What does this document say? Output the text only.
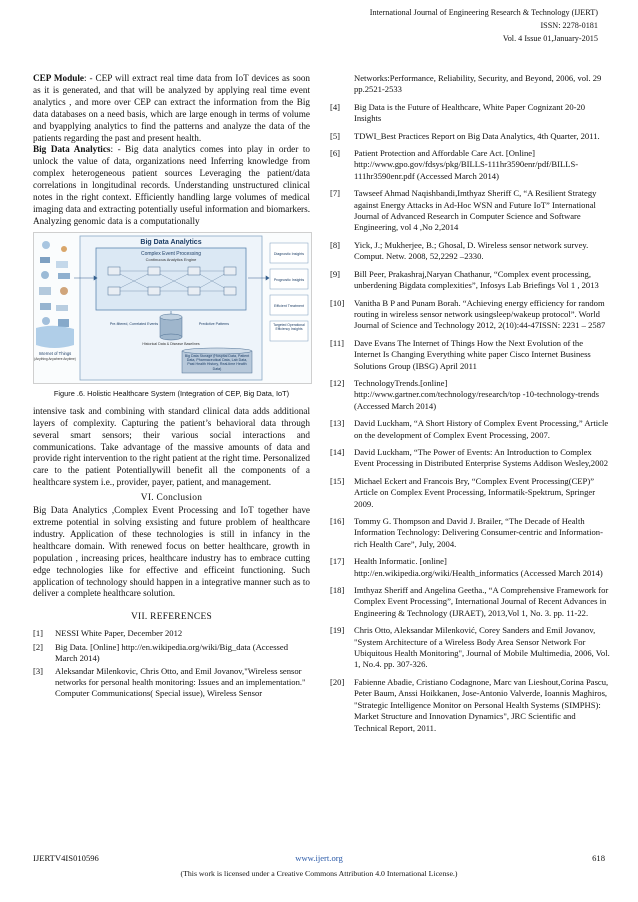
International Journal of Engineering Research & Technology (IJERT)
ISSN: 2278-0181
Vol. 4 Issue 01,January-2015

CEP Module: - CEP will extract real time data from IoT devices as soon as it is generated, and that will be analyzed by applying real time event analytics , and more over CEP can extract the information from the Big data databases on a need basis, which are large enough in terms of volume and byapplying analytics to find the patterns and analyze the data of the patients regarding the past and present health.

Big Data Analytics: - Big data analytics comes into play in order to unlock the value of data, organizations need Inferring knowledge from complex heterogeneous patient sources Leveraging the patient/data correlations in longitudinal records. Understanding unstructured clinical notes in the right context. Efficiently handling large volumes of medical imaging data and extracting potentially useful information and biomarkers. Analyzing genomic data is a computationally

Big Data Analytics
Complex Event Processing
Continuous Analytics Engine
Historical Data & Disease Baselines
Pre-filtered, Correlated Events	Predictive Patterns
Big Data Storage (Hospital Data, Patient Data, Pharmaceutical Data, Lab Data, Past Health History, Real-time Health Data)
Internet of Things
(Anything Anywhere Anytime)
Diagnostic Insights
Prognostic Insights
Efficient Treatment
Targeted Operational Efficiency Insights
Figure .6. Holistic Healthcare System (Integration of CEP, Big Data, IoT)

intensive task and combining with standard clinical data adds additional layers of complexity. Capturing the patient’s behavioral data through several smart sensors; their various social interactions and communications. Take advantage of the massive amounts of data and provide right intervention to the right patient at the right time. Personalized care to the patient Potentiallywill benefit all the components of a healthcare system i.e., provider, payer, patient, and management.

VI. Conclusion

Big Data Analytics ,Complex Event Processing and IoT together have extreme potential in solving exsisting and future problem of healthcare industry. Application of these technologies is still in infancy in the healthcare domain. With renewed focus on better healthcare, growth in population , increasing prices, healthcare industry has to embrace cutting edge technologies like for effective and efficeint functioning. Such application of technology should happen in a integrative manner such as to deliver a complete healthcare solution.

VII. REFERENCES
[1] NESSI White Paper, December 2012
[2] Big Data. [Online] http://en.wikipedia.org/wiki/Big_data (Accessed March 2014)
[3] Aleksandar Milenkovic, Chris Otto, and Emil Jovanov,"Wireless sensor networks for personal health monitoring: Issues and an implementation." Computer Communications( Special issue), Wireless Sensor
Networks:Performance, Reliability, Security, and Beyond, 2006, vol. 29 pp.2521-2533
[4] Big Data is the Future of Healthcare, White Paper Cognizant 20-20 Insights
[5] TDWI_Best Practices Report on Big Data Analytics, 4th Quarter, 2011.
[6] Patient Protection and Affordable Care Act. [Online] http://www.gpo.gov/fdsys/pkg/BILLS-111hr3590enr/pdf/BILLS-111hr3590enr.pdf (Accessed March 2014)
[7] Tawseef Ahmad Naqishbandi,Imthyaz Sheriff C, “A Resilient Strategy against Energy Attacks in Ad-Hoc WSN and Future IoT” International Journal of Advanced Research in Computer Science and Software Engineering, vol 4 ,No 2,2014
[8] Yick, J.; Mukherjee, B.; Ghosal, D. Wireless sensor network survey. Comput. Netw. 2008, 52,2292 –2330.
[9] Bill Peer, Prakashraj,Naryan Chathanur, “Complex event processing, unberdening Bigdata complexities”, Infosys Lab Briefings Vol 1 , 2013
[10] Vanitha B P and Punam Borah. “Achieving energy efficiency for random routing in wireless sensor network usingsleep/wakeup protocol”. World Journal of Science and Technology 2012, 2(10):44-47ISSN: 2231 – 2587
[11] Dave Evans The Internet of Things How the Next Evolution of the Internet Is Changing Everything white paper Cisco Internet Business Solutions Group (IBSG) April 2011
[12] TechnologyTrends.[online] http://www.gartner.com/technology/research/top -10-technology-trends (Accessed March 2014)
[13] David Luckham, “A Short History of Complex Event Processing,” Article on the development of Complex Event Processing, 2007.
[14] David Luckham, “The Power of Events: An Introduction to Complex Event Processing in Distributed Enterprise Systems Addison Wesley,2002
[15] Michael Eckert and Francois Bry, “Complex Event Processing(CEP)” Article on Complex Event Processing, Informatik-Spektrum, Springer 2009.
[16] Tommy G. Thompson and David J. Brailer, “The Decade of Health Information Technology: Delivering Consumer-centric and Information-rich Health Care”, July, 2004.
[17] Health Informatic. [online] http://en.wikipedia.org/wiki/Health_informatics (Accessed March 2014)
[18] Imthyaz Sheriff and Angelina Geetha., “A Comprehensive Framework for Complex Event Processing”, International Journal of Recent Advances in Engineering & Technology (IJRAET), 2013,Vol 1, No. 3. pp. 11-22.
[19] Chris Otto, Aleksandar Milenković, Corey Sanders and Emil Jovanov, "System Architecture of a Wireless Body Area Sensor Network For Ubiquitous Health Monitoring", Journal of Mobile Multimedia, 2006, Vol. 1, No.4. pp. 307-326.
[20] Fabienne Abadie, Cristiano Codagnone, Marc van Lieshout,Corina Pascu, Peter Baum, Anssi Hoikkanen, Jose-Antonio Valverde, Ioannis Maghiros, "Strategic Intelligence Monitor on Personal Health Systems (SIMPHS): Market Structure and Innovation Dynamics", JRC Scientific and Technical Report, 2011.
IJERTV4IS010596	www.ijert.org	618
(This work is licensed under a Creative Commons Attribution 4.0 International License.)
